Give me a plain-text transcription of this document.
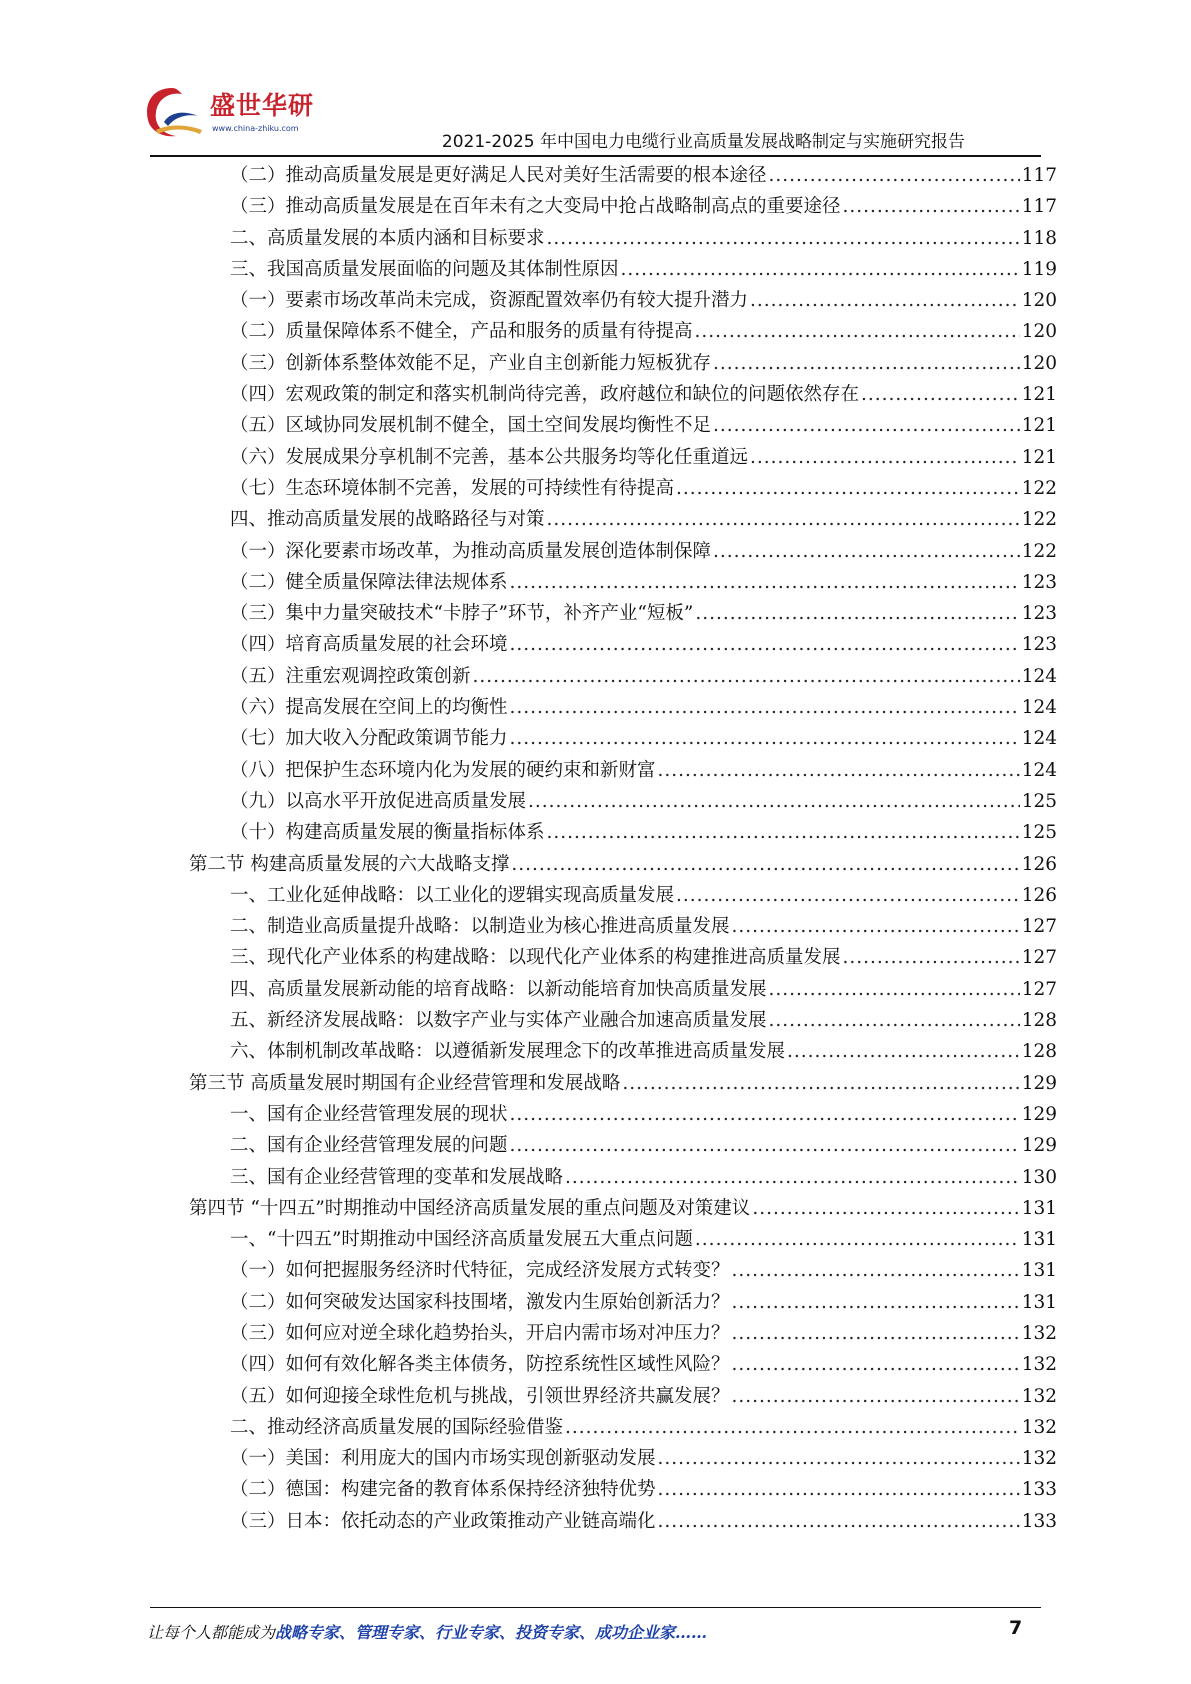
盛世华研
www.china-zhiku.com
2021-2025 年中国电力电缆行业高质量发展战略制定与实施研究报告
（二）推动高质量发展是更好满足人民对美好生活需要的根本途径 .....	117
（三）推动高质量发展是在百年未有之大变局中抢占战略制高点的重要途径 .....	117
二、高质量发展的本质内涵和目标要求 .....	118
三、我国高质量发展面临的问题及其体制性原因 .....	119
（一）要素市场改革尚未完成，资源配置效率仍有较大提升潜力 .....	120
（二）质量保障体系不健全，产品和服务的质量有待提高 .....	120
（三）创新体系整体效能不足，产业自主创新能力短板犹存 .....	120
（四）宏观政策的制定和落实机制尚待完善，政府越位和缺位的问题依然存在 .....	121
（五）区域协同发展机制不健全，国土空间发展均衡性不足 .....	121
（六）发展成果分享机制不完善，基本公共服务均等化任重道远 .....	121
（七）生态环境体制不完善，发展的可持续性有待提高 .....	122
四、推动高质量发展的战略路径与对策 .....	122
（一）深化要素市场改革，为推动高质量发展创造体制保障 .....	122
（二）健全质量保障法律法规体系 .....	123
（三）集中力量突破技术“卡脖子”环节，补齐产业“短板” .....	123
（四）培育高质量发展的社会环境 .....	123
（五）注重宏观调控政策创新 .....	124
（六）提高发展在空间上的均衡性 .....	124
（七）加大收入分配政策调节能力 .....	124
（八）把保护生态环境内化为发展的硬约束和新财富 .....	124
（九）以高水平开放促进高质量发展 .....	125
（十）构建高质量发展的衡量指标体系 .....	125
第二节 构建高质量发展的六大战略支撑 .....	126
一、工业化延伸战略：以工业化的逻辑实现高质量发展 .....	126
二、制造业高质量提升战略：以制造业为核心推进高质量发展 .....	127
三、现代化产业体系的构建战略：以现代化产业体系的构建推进高质量发展 .....	127
四、高质量发展新动能的培育战略：以新动能培育加快高质量发展 .....	127
五、新经济发展战略：以数字产业与实体产业融合加速高质量发展 .....	128
六、体制机制改革战略：以遵循新发展理念下的改革推进高质量发展 .....	128
第三节 高质量发展时期国有企业经营管理和发展战略 .....	129
一、国有企业经营管理发展的现状 .....	129
二、国有企业经营管理发展的问题 .....	129
三、国有企业经营管理的变革和发展战略 .....	130
第四节 “十四五”时期推动中国经济高质量发展的重点问题及对策建议 .....	131
一、“十四五”时期推动中国经济高质量发展五大重点问题 .....	131
（一）如何把握服务经济时代特征，完成经济发展方式转变？ .....	131
（二）如何突破发达国家科技围堵，激发内生原始创新活力？ .....	131
（三）如何应对逆全球化趋势抬头，开启内需市场对冲压力？ .....	132
（四）如何有效化解各类主体债务，防控系统性区域性风险？ .....	132
（五）如何迎接全球性危机与挑战，引领世界经济共赢发展？ .....	132
二、推动经济高质量发展的国际经验借鉴 .....	132
（一）美国：利用庞大的国内市场实现创新驱动发展 .....	132
（二）德国：构建完备的教育体系保持经济独特优势 .....	133
（三）日本：依托动态的产业政策推动产业链高端化 .....	133
让每个人都能成为战略专家、管理专家、行业专家、投资专家、成功企业家……	7
